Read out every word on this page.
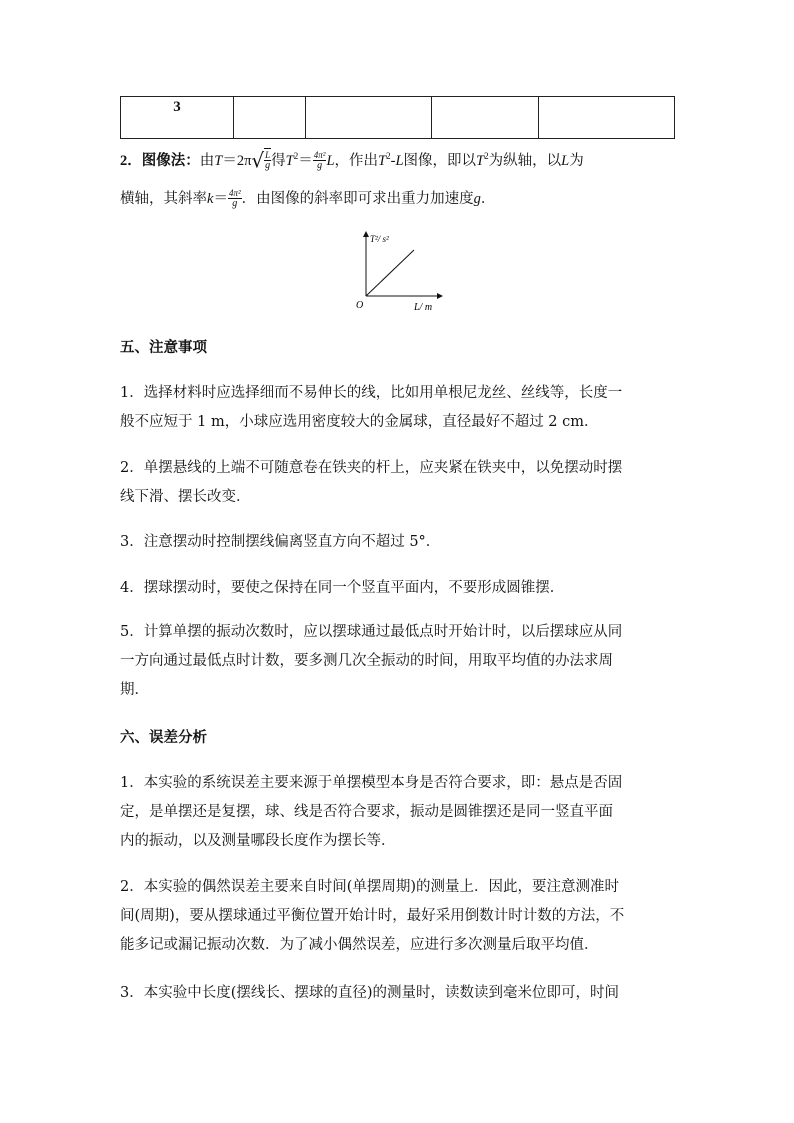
3				
2．图像法：由$T=2\pi√ \frac{L}{g}$ 得$T^2= \frac{\text{4π²}}{g}$ L，作出$T^2-L$图像，即以$T^2$为纵轴，以L为
横轴，其斜率$k= \frac{\text{4π²}}{g}$ ．由图像的斜率即可求出重力加速度g．
T²/ s²
L/ m
O
五、注意事项
1．选择材料时应选择细而不易伸长的线，比如用单根尼龙丝、丝线等，长度一
般不应短于 1 m，小球应选用密度较大的金属球，直径最好不超过 2 cm．
2．单摆悬线的上端不可随意卷在铁夹的杆上，应夹紧在铁夹中，以免摆动时摆
线下滑、摆长改变．
3．注意摆动时控制摆线偏离竖直方向不超过 5°．
4．摆球摆动时，要使之保持在同一个竖直平面内，不要形成圆锥摆．
5．计算单摆的振动次数时，应以摆球通过最低点时开始计时，以后摆球应从同
一方向通过最低点时计数，要多测几次全振动的时间，用取平均值的办法求周
期．
六、误差分析
1．本实验的系统误差主要来源于单摆模型本身是否符合要求，即：悬点是否固
定，是单摆还是复摆，球、线是否符合要求，振动是圆锥摆还是同一竖直平面
内的振动，以及测量哪段长度作为摆长等．
2．本实验的偶然误差主要来自时间(单摆周期)的测量上．因此，要注意测准时
间(周期)，要从摆球通过平衡位置开始计时，最好采用倒数计时计数的方法，不
能多记或漏记振动次数．为了减小偶然误差，应进行多次测量后取平均值．
3．本实验中长度(摆线长、摆球的直径)的测量时，读数读到毫米位即可，时间
